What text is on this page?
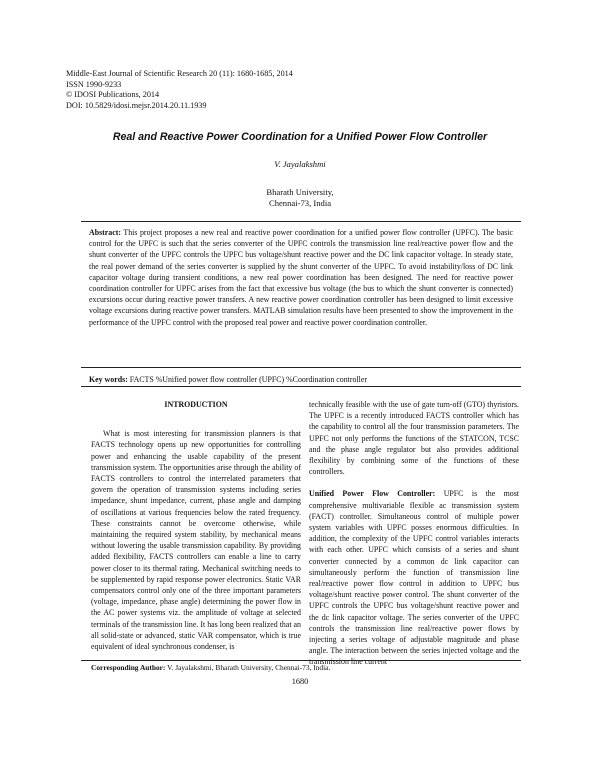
Middle-East Journal of Scientific Research 20 (11): 1680-1685, 2014
ISSN 1990-9233
© IDOSI Publications, 2014
DOI: 10.5829/idosi.mejsr.2014.20.11.1939
Real and Reactive Power Coordination for a Unified Power Flow Controller
V. Jayalakshmi
Bharath University,
Chennai-73, India

Abstract: This project proposes a new real and reactive power coordination for a unified power flow controller (UPFC). The basic control for the UPFC is such that the series converter of the UPFC controls the transmission line real/reactive power flow and the shunt converter of the UPFC controls the UPFC bus voltage/shunt reactive power and the DC link capacitor voltage. In steady state, the real power demand of the series converter is supplied by the shunt converter of the UPFC. To avoid instability/loss of DC link capacitor voltage during transient conditions, a new real power coordination has been designed. The need for reactive power coordination controller for UPFC arises from the fact that excessive bus voltage (the bus to which the shunt converter is connected) excursions occur during reactive power transfers. A new reactive power coordination controller has been designed to limit excessive voltage excursions during reactive power transfers. MATLAB simulation results have been presented to show the improvement in the performance of the UPFC control with the proposed real power and reactive power coordination controller.

Key words: FACTS %Unified power flow controller (UPFC) %Coordination controller
INTRODUCTION

What is most interesting for transmission planners is that FACTS technology opens up new opportunities for controlling power and enhancing the usable capability of the present transmission system. The opportunities arise through the ability of FACTS controllers to control the interrelated parameters that govern the operation of transmission systems including series impedance, shunt impedance, current, phase angle and damping of oscillations at various frequencies below the rated frequency. These constraints cannot be overcome otherwise, while maintaining the required system stability, by mechanical means without lowering the usable transmission capability. By providing added flexibility, FACTS controllers can enable a line to carry power closer to its thermal rating. Mechanical switching needs to be supplemented by rapid response power electronics. Static VAR compensators control only one of the three important parameters (voltage, impedance, phase angle) determining the power flow in the AC power systems viz. the amplitude of voltage at selected terminals of the transmission line. It has long been realized that an all solid-state or advanced, static VAR compensator, which is true equivalent of ideal synchronous condenser, is

technically feasible with the use of gate turn-off (GTO) thyristors. The UPFC is a recently introduced FACTS controller which has the capability to control all the four transmission parameters. The UPFC not only performs the functions of the STATCON, TCSC and the phase angle regulator but also provides additional flexibility by combining some of the functions of these controllers.

Unified Power Flow Controller: UPFC is the most comprehensive multivariable flexible ac transmission system (FACT) controller. Simultaneous control of multiple power system variables with UPFC posses enormous difficulties. In addition, the complexity of the UPFC control variables interacts with each other. UPFC which consists of a series and shunt converter connected by a common dc link capacitor can simultaneously perform the function of transmission line real/reactive power flow control in addition to UPFC bus voltage/shunt reactive power control. The shunt converter of the UPFC controls the UPFC bus voltage/shunt reactive power and the dc link capacitor voltage. The series converter of the UPFC controls the transmission line real/reactive power flows by injecting a series voltage of adjustable magnitude and phase angle. The interaction between the series injected voltage and the transmission line current

Corresponding Author: V. Jayalakshmi, Bharath University, Chennai-73, India.
1680
